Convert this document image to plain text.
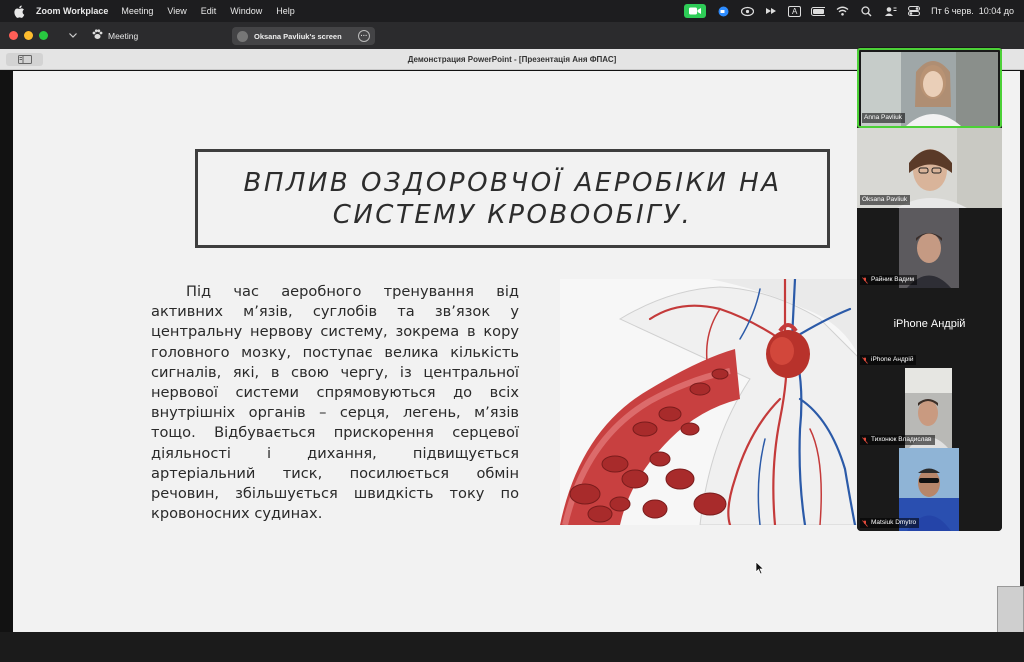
Zoom Workplace Meeting View Edit Window Help	A	Пт 6 черв.  10:04 до
Meeting	Oksana Pavliuk's screen	···
Демонстрация PowerPoint - [Презентація Аня ФПАС]
ВПЛИВ ОЗДОРОВЧОЇ АЕРОБІКИ НА СИСТЕМУ КРОВООБІГУ.
Під час аеробного тренування від активних м’язів, суглобів та зв’язок у центральну нервову систему, зокрема в кору головного мозку, поступає велика кількість сигналів, які, в свою чергу, із центральної нервової системи спрямовуються до всіх внутрішніх органів – серця, легень, м’язів тощо. Відбувається прискорення серцевої діяльності і дихання, підвищується артеріальний тиск, посилюється обмін речовин, збільшується швидкість току по кровоносних судинах.
Anna Pavliuk
Oksana Pavliuk
Райник Вадим
iPhone Андрій
iPhone Андрій
Тихонюк Владислав
Matsiuk Dmytro
